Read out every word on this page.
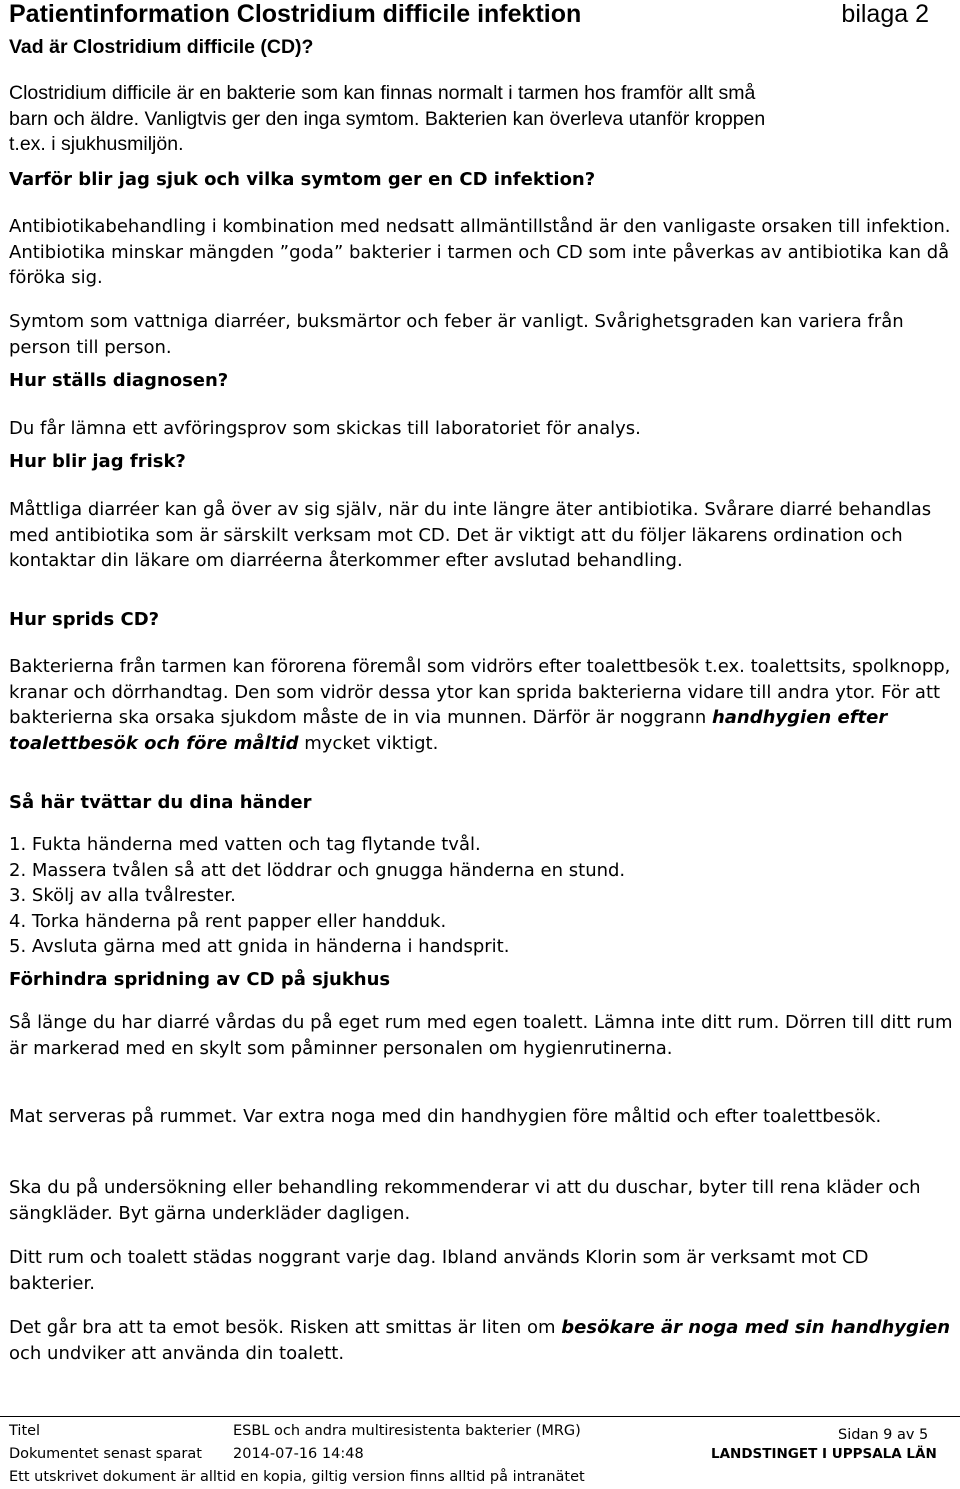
Patientinformation Clostridium difficile infektion	bilaga 2
Vad är Clostridium difficile (CD)?
Clostridium difficile är en bakterie som kan finnas normalt i tarmen hos framför allt små
barn och äldre. Vanligtvis ger den inga symtom. Bakterien kan överleva utanför kroppen
t.ex. i sjukhusmiljön.
Varför blir jag sjuk och vilka symtom ger en CD infektion?

Antibiotikabehandling i kombination med nedsatt allmäntillstånd är den vanligaste orsaken till infektion. Antibiotika minskar mängden ”goda” bakterier i tarmen och CD som inte påverkas av antibiotika kan då föröka sig.

Symtom som vattniga diarréer, buksmärtor och feber är vanligt. Svårighetsgraden kan variera från person till person.

Hur ställs diagnosen?

Du får lämna ett avföringsprov som skickas till laboratoriet för analys.

Hur blir jag frisk?

Måttliga diarréer kan gå över av sig själv, när du inte längre äter antibiotika. Svårare diarré behandlas med antibiotika som är särskilt verksam mot CD. Det är viktigt att du följer läkarens ordination och kontaktar din läkare om diarréerna återkommer efter avslutad behandling.

Hur sprids CD?

Bakterierna från tarmen kan förorena föremål som vidrörs efter toalettbesök t.ex. toalettsits, spolknopp, kranar och dörrhandtag. Den som vidrör dessa ytor kan sprida bakterierna vidare till andra ytor. För att bakterierna ska orsaka sjukdom måste de in via munnen. Därför är noggrann handhygien efter toalettbesök och före måltid mycket viktigt.

Så här tvättar du dina händer
1. Fukta händerna med vatten och tag flytande tvål.
2. Massera tvålen så att det löddrar och gnugga händerna en stund.
3. Skölj av alla tvålrester.
4. Torka händerna på rent papper eller handduk.
5. Avsluta gärna med att gnida in händerna i handsprit.
Förhindra spridning av CD på sjukhus

Så länge du har diarré vårdas du på eget rum med egen toalett. Lämna inte ditt rum. Dörren till ditt rum är markerad med en skylt som påminner personalen om hygienrutinerna.

Mat serveras på rummet. Var extra noga med din handhygien före måltid och efter toalettbesök.

Ska du på undersökning eller behandling rekommenderar vi att du duschar, byter till rena kläder och sängkläder. Byt gärna underkläder dagligen.

Ditt rum och toalett städas noggrant varje dag. Ibland används Klorin som är verksamt mot CD bakterier.

Det går bra att ta emot besök. Risken att smittas är liten om besökare är noga med sin handhygien och undviker att använda din toalett.

Titel	ESBL och andra multiresistenta bakterier (MRG)
Dokumentet senast sparat 2014-07-16 14:48
Sidan 9 av 5
LANDSTINGET I UPPSALA LÄN
Ett utskrivet dokument är alltid en kopia, giltig version finns alltid på intranätet
